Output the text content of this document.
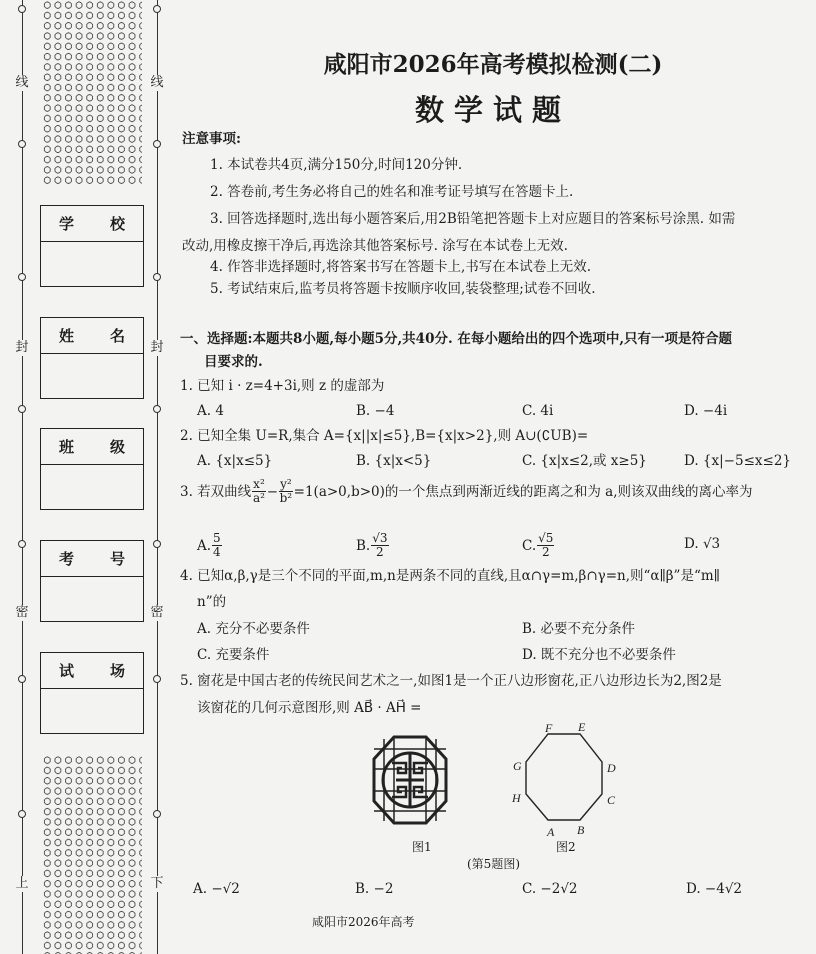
线
封
密
上
线
封
密
下
学 校
姓 名
班 级
考 号
试 场
咸阳市2026年高考模拟检测(二)
数学试题
注意事项:
1. 本试卷共4页,满分150分,时间120分钟.
2. 答卷前,考生务必将自己的姓名和准考证号填写在答题卡上.
3. 回答选择题时,选出每小题答案后,用2B铅笔把答题卡上对应题目的答案标号涂黑. 如需
改动,用橡皮擦干净后,再选涂其他答案标号. 涂写在本试卷上无效.
4. 作答非选择题时,将答案书写在答题卡上,书写在本试卷上无效.
5. 考试结束后,监考员将答题卡按顺序收回,装袋整理;试卷不回收.
一、选择题:本题共8小题,每小题5分,共40分. 在每小题给出的四个选项中,只有一项是符合题
目要求的.
1. 已知 i · z=4+3i,则 z 的虚部为
A. 4	B. −4	C. 4i	D. −4i
2. 已知全集 U=R,集合 A={x||x|≤5},B={x|x>2},则 A∪(∁UB)=
A. {x|x≤5}	B. {x|x<5}	C. {x|x≤2,或 x≥5}	D. {x|−5≤x≤2}
3. 若双曲线 $\frac{\text{x²}}{\text{a²}} - \frac{\text{y²}}{\text{b²}} =1(a>0,b>0)$的一个焦点到两渐近线的距离之和为 a,则该双曲线的离心率为
A. $\frac{5}{4}$	B. $\frac{√3}{2}$	C. $\frac{√5}{2}$	D. √3
4. 已知α,β,γ是三个不同的平面,m,n是两条不同的直线,且α∩γ=m,β∩γ=n,则“α∥β”是“m∥
n”的
A. 充分不必要条件	B. 必要不充分条件
C. 充要条件	D. 既不充分也不必要条件
5. 窗花是中国古老的传统民间艺术之一,如图1是一个正八边形窗花,正八边形边长为2,图2是
该窗花的几何示意图形,则 AB⃗ · AH⃗ =
图1
A B
C
D
E
F
G
H
图2
(第5题图)
A. −√2	B. −2	C. −2√2	D. −4√2
咸阳市2026年高考
